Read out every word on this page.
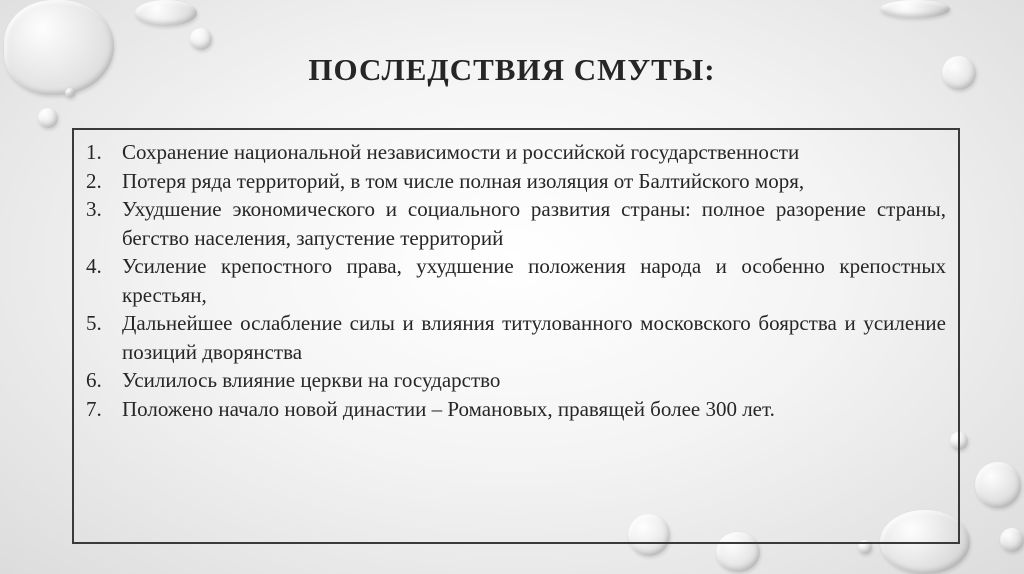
ПОСЛЕДСТВИЯ СМУТЫ:
1. Сохранение национальной независимости и российской государственности
2. Потеря ряда территорий, в том числе полная изоляция от Балтийского моря,
3. Ухудшение экономического и социального развития страны: полное разорение страны, бегство населения, запустение территорий
4. Усиление крепостного права, ухудшение положения народа и особенно крепостных крестьян,
5. Дальнейшее ослабление силы и влияния титулованного московского боярства и усиление позиций дворянства
6. Усилилось влияние церкви на государство
7. Положено начало новой династии – Романовых, правящей более 300 лет.
